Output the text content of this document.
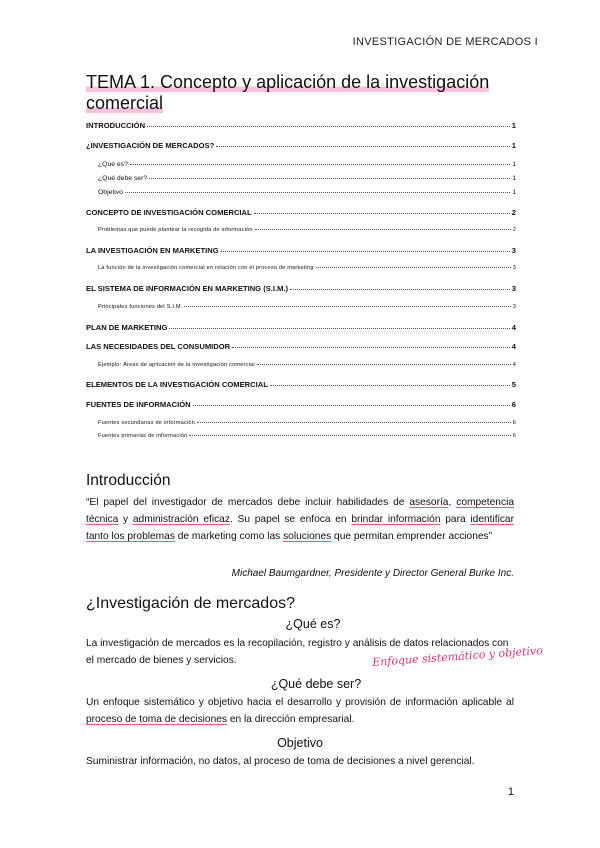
INVESTIGACIÓN DE MERCADOS I
TEMA 1. Concepto y aplicación de la investigación comercial
INTRODUCCIÓN	1
¿INVESTIGACIÓN DE MERCADOS?	1
¿Qué es?	1
¿Qué debe ser?	1
Objetivo	1
CONCEPTO DE INVESTIGACIÓN COMERCIAL	2
Problemas que puede plantear la recogida de información	2
LA INVESTIGACIÓN EN MARKETING	3
La función de la investigación comercial en relación con el proceso de marketing	3
EL SISTEMA DE INFORMACIÓN EN MARKETING (S.I.M.)	3
Principales funciones del S.I.M.	3
PLAN DE MARKETING	4
LAS NECESIDADES DEL CONSUMIDOR	4
Ejemplo: Áreas de aplicación de la investigación comercial	4
ELEMENTOS DE LA INVESTIGACIÓN COMERCIAL	5
FUENTES DE INFORMACIÓN	6
Fuentes secundarias de información	6
Fuentes primarias de información	6
Introducción
“El papel del investigador de mercados debe incluir habilidades de asesoría, competencia técnica y administración eficaz. Su papel se enfoca en brindar información para identificar tanto los problemas de marketing como las soluciones que permitan emprender acciones”
Michael Baumgardner, Presidente y Director General Burke Inc.
¿Investigación de mercados?
¿Qué es?
La investigación de mercados es la recopilación, registro y análisis de datos relacionados con el mercado de bienes y servicios.	Enfoque sistemático y objetivo
¿Qué debe ser?
Un enfoque sistemático y objetivo hacia el desarrollo y provisión de información aplicable al proceso de toma de decisiones en la dirección empresarial.
Objetivo
Suministrar información, no datos, al proceso de toma de decisiones a nivel gerencial.
1
